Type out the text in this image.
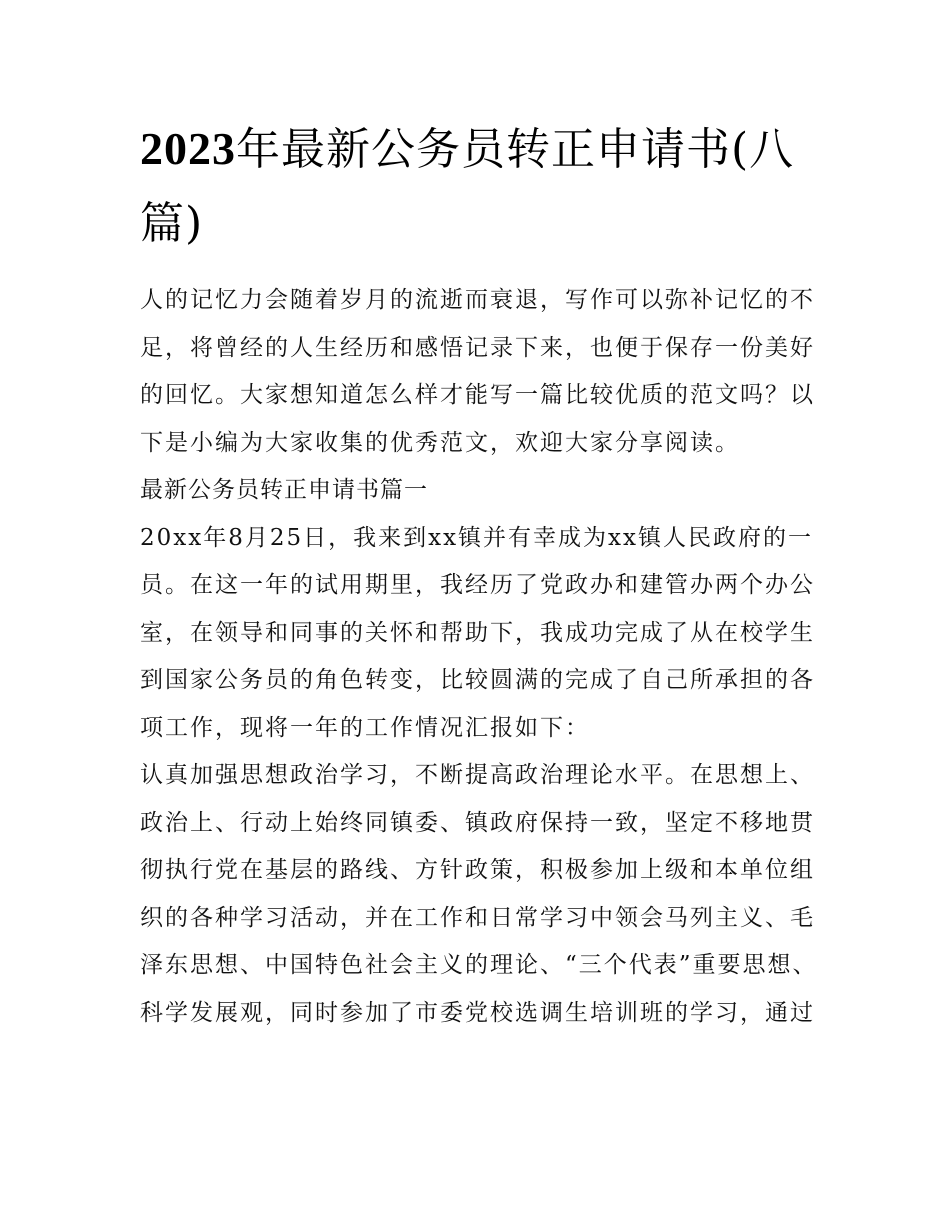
2023年最新公务员转正申请书(八篇)

人的记忆力会随着岁月的流逝而衰退，写作可以弥补记忆的不足，将曾经的人生经历和感悟记录下来，也便于保存一份美好的回忆。大家想知道怎么样才能写一篇比较优质的范文吗？以下是小编为大家收集的优秀范文，欢迎大家分享阅读。

最新公务员转正申请书篇一

20xx年8月25日，我来到xx镇并有幸成为xx镇人民政府的一员。在这一年的试用期里，我经历了党政办和建管办两个办公室，在领导和同事的关怀和帮助下，我成功完成了从在校学生到国家公务员的角色转变，比较圆满的完成了自己所承担的各项工作，现将一年的工作情况汇报如下：

认真加强思想政治学习，不断提高政治理论水平。在思想上、政治上、行动上始终同镇委、镇政府保持一致，坚定不移地贯彻执行党在基层的路线、方针政策，积极参加上级和本单位组织的各种学习活动，并在工作和日常学习中领会马列主义、毛泽东思想、中国特色社会主义的理论、“三个代表”重要思想、科学发展观，同时参加了市委党校选调生培训班的学习，通过
